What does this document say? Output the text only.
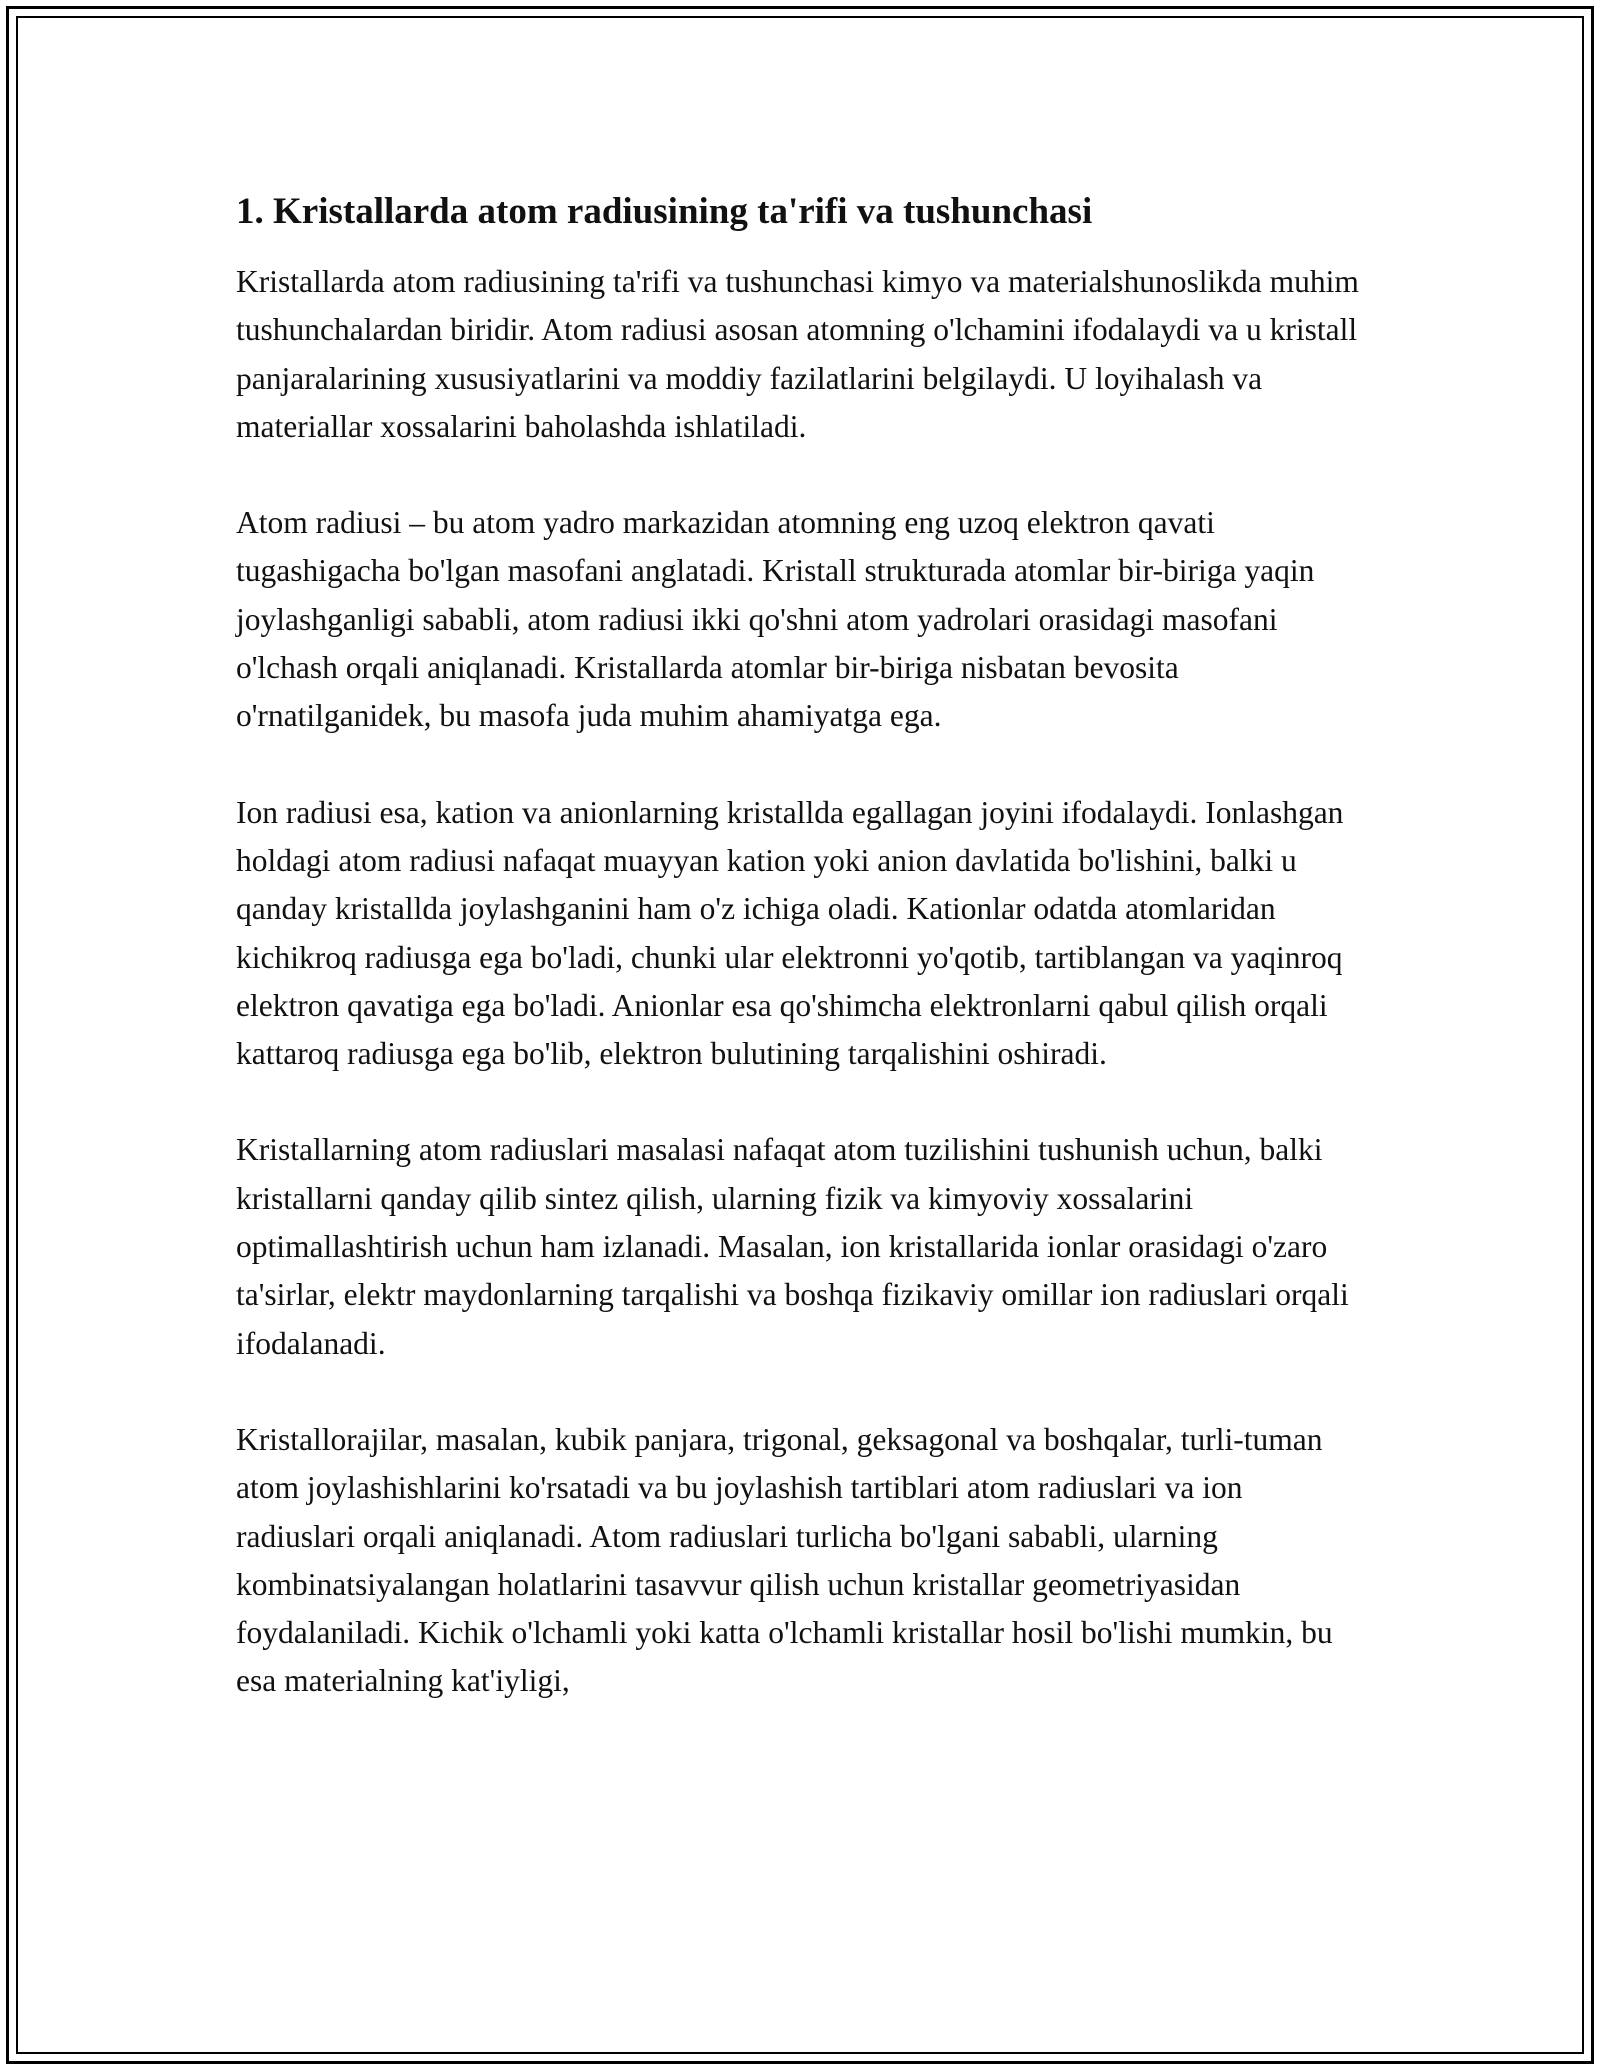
1. Kristallarda atom radiusining ta'rifi va tushunchasi

Kristallarda atom radiusining ta'rifi va tushunchasi kimyo va materialshunoslikda muhim tushunchalardan biridir. Atom radiusi asosan atomning o'lchamini ifodalaydi va u kristall panjaralarining xususiyatlarini va moddiy fazilatlarini belgilaydi. U loyihalash va materiallar xossalarini baholashda ishlatiladi.

Atom radiusi – bu atom yadro markazidan atomning eng uzoq elektron qavati tugashigacha bo'lgan masofani anglatadi. Kristall strukturada atomlar bir-biriga yaqin joylashganligi sababli, atom radiusi ikki qo'shni atom yadrolari orasidagi masofani o'lchash orqali aniqlanadi. Kristallarda atomlar bir-biriga nisbatan bevosita o'rnatilganidek, bu masofa juda muhim ahamiyatga ega.

Ion radiusi esa, kation va anionlarning kristallda egallagan joyini ifodalaydi. Ionlashgan holdagi atom radiusi nafaqat muayyan kation yoki anion davlatida bo'lishini, balki u qanday kristallda joylashganini ham o'z ichiga oladi. Kationlar odatda atomlaridan kichikroq radiusga ega bo'ladi, chunki ular elektronni yo'qotib, tartiblangan va yaqinroq elektron qavatiga ega bo'ladi. Anionlar esa qo'shimcha elektronlarni qabul qilish orqali kattaroq radiusga ega bo'lib, elektron bulutining tarqalishini oshiradi.

Kristallarning atom radiuslari masalasi nafaqat atom tuzilishini tushunish uchun, balki kristallarni qanday qilib sintez qilish, ularning fizik va kimyoviy xossalarini optimallashtirish uchun ham izlanadi. Masalan, ion kristallarida ionlar orasidagi o'zaro ta'sirlar, elektr maydonlarning tarqalishi va boshqa fizikaviy omillar ion radiuslari orqali ifodalanadi.

Kristallorajilar, masalan, kubik panjara, trigonal, geksagonal va boshqalar, turli-tuman atom joylashishlarini ko'rsatadi va bu joylashish tartiblari atom radiuslari va ion radiuslari orqali aniqlanadi. Atom radiuslari turlicha bo'lgani sababli, ularning kombinatsiyalangan holatlarini tasavvur qilish uchun kristallar geometriyasidan foydalaniladi. Kichik o'lchamli yoki katta o'lchamli kristallar hosil bo'lishi mumkin, bu esa materialning kat'iyligi,
